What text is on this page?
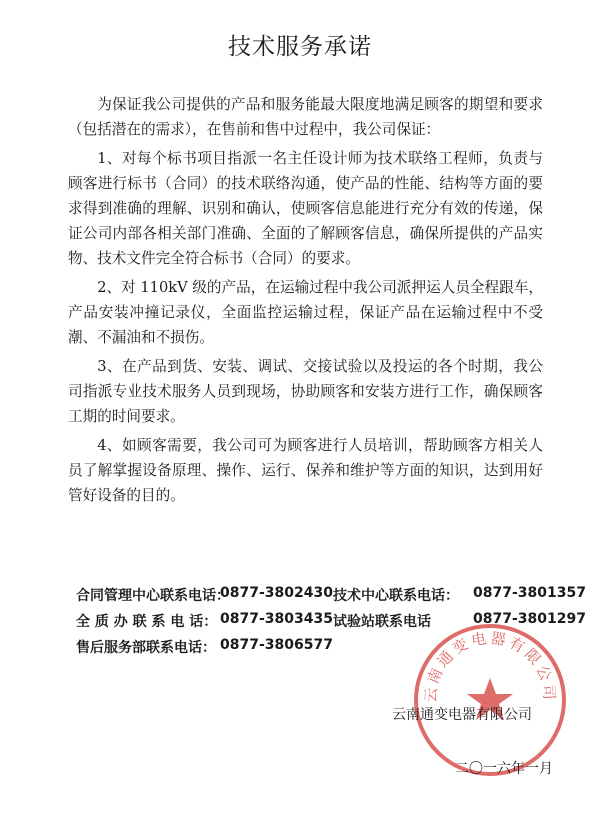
技术服务承诺

为保证我公司提供的产品和服务能最大限度地满足顾客的期望和要求（包括潜在的需求），在售前和售中过程中，我公司保证：

1、对每个标书项目指派一名主任设计师为技术联络工程师，负责与顾客进行标书（合同）的技术联络沟通，使产品的性能、结构等方面的要求得到准确的理解、识别和确认，使顾客信息能进行充分有效的传递，保证公司内部各相关部门准确、全面的了解顾客信息，确保所提供的产品实物、技术文件完全符合标书（合同）的要求。

2、对 110kV 级的产品，在运输过程中我公司派押运人员全程跟车，产品安装冲撞记录仪，全面监控运输过程，保证产品在运输过程中不受潮、不漏油和不损伤。

3、在产品到货、安装、调试、交接试验以及投运的各个时期，我公司指派专业技术服务人员到现场，协助顾客和安装方进行工作，确保顾客工期的时间要求。

4、如顾客需要，我公司可为顾客进行人员培训，帮助顾客方相关人员了解掌握设备原理、操作、运行、保养和维护等方面的知识，达到用好管好设备的目的。

合同管理中心联系电话：
0877-3802430 技术中心联系电话： 0877-3801357
全 质 办 联 系 电 话： 0877-3803435 试验站联系电话	0877-3801297
售后服务部联系电话： 0877-3806577
云南通变电器有限公司
云南通变电器有限公司
二〇一六年一月
